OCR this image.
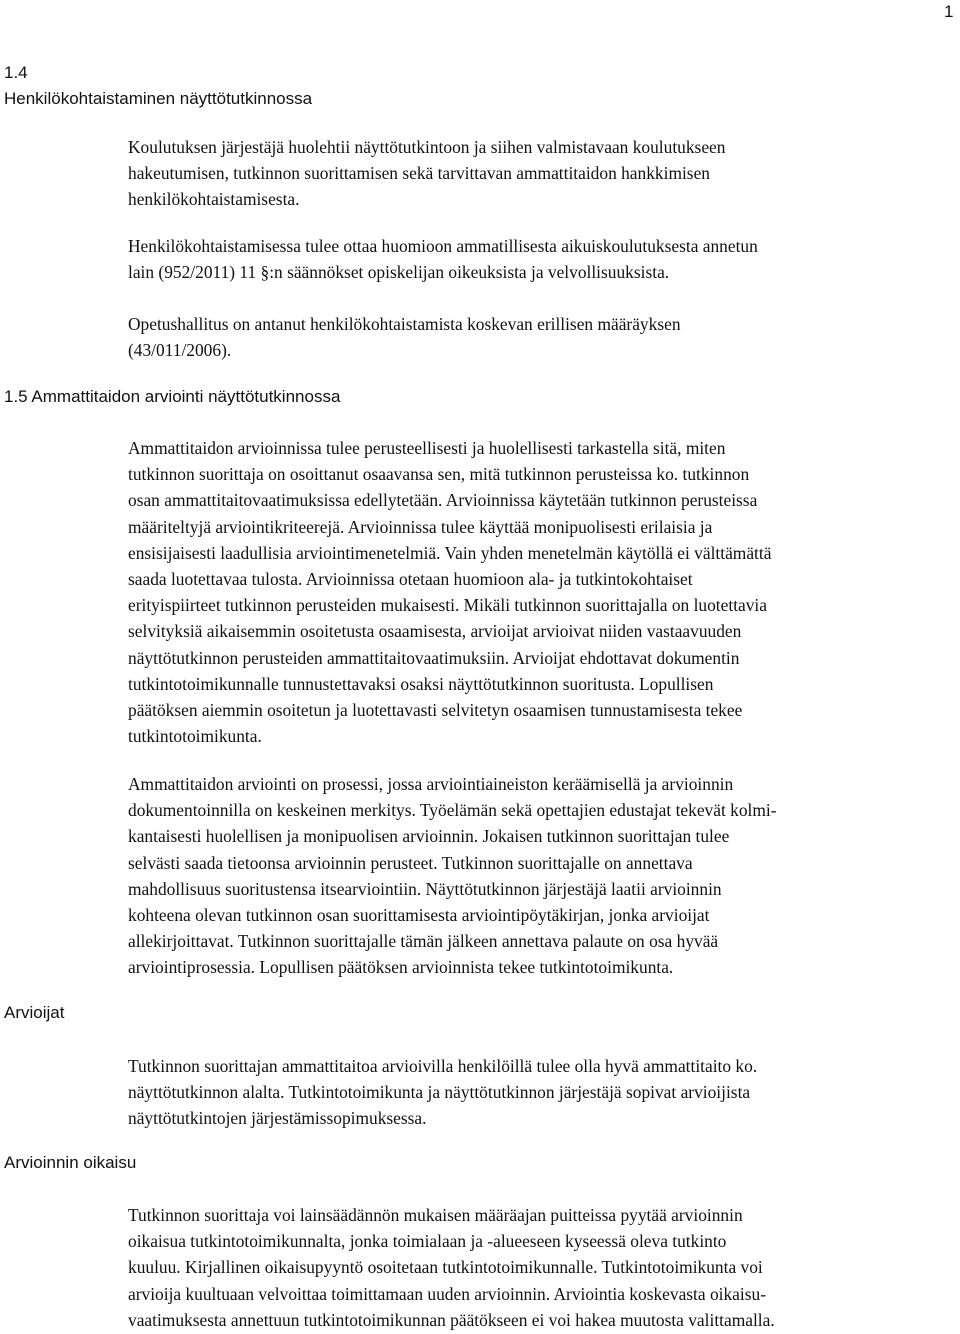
1
1.4
Henkilökohtaistaminen näyttötutkinnossa
Koulutuksen järjestäjä huolehtii näyttötutkintoon ja siihen valmistavaan koulutukseen
hakeutumisen, tutkinnon suorittamisen sekä tarvittavan ammattitaidon hankkimisen
henkilökohtaistamisesta.
Henkilökohtaistamisessa tulee ottaa huomioon ammatillisesta aikuiskoulutuksesta annetun
lain (952/2011) 11 §:n säännökset opiskelijan oikeuksista ja velvollisuuksista.
Opetushallitus on antanut henkilökohtaistamista koskevan erillisen määräyksen
(43/011/2006).
1.5 Ammattitaidon arviointi näyttötutkinnossa
Ammattitaidon arvioinnissa tulee perusteellisesti ja huolellisesti tarkastella sitä, miten
tutkinnon suorittaja on osoittanut osaavansa sen, mitä tutkinnon perusteissa ko. tutkinnon
osan ammattitaitovaatimuksissa edellytetään. Arvioinnissa käytetään tutkinnon perusteissa
määriteltyjä arviointikriteerejä. Arvioinnissa tulee käyttää monipuolisesti erilaisia ja
ensisijaisesti laadullisia arviointimenetelmiä. Vain yhden menetelmän käytöllä ei välttämättä
saada luotettavaa tulosta. Arvioinnissa otetaan huomioon ala- ja tutkintokohtaiset
erityispiirteet tutkinnon perusteiden mukaisesti. Mikäli tutkinnon suorittajalla on luotettavia
selvityksiä aikaisemmin osoitetusta osaamisesta, arvioijat arvioivat niiden vastaavuuden
näyttötutkinnon perusteiden ammattitaitovaatimuksiin. Arvioijat ehdottavat dokumentin
tutkintotoimikunnalle tunnustettavaksi osaksi näyttötutkinnon suoritusta. Lopullisen
päätöksen aiemmin osoitetun ja luotettavasti selvitetyn osaamisen tunnustamisesta tekee
tutkintotoimikunta.
Ammattitaidon arviointi on prosessi, jossa arviointiaineiston keräämisellä ja arvioinnin
dokumentoinnilla on keskeinen merkitys. Työelämän sekä opettajien edustajat tekevät kolmi-
kantaisesti huolellisen ja monipuolisen arvioinnin. Jokaisen tutkinnon suorittajan tulee
selvästi saada tietoonsa arvioinnin perusteet. Tutkinnon suorittajalle on annettava
mahdollisuus suoritustensa itsearviointiin. Näyttötutkinnon järjestäjä laatii arvioinnin
kohteena olevan tutkinnon osan suorittamisesta arviointipöytäkirjan, jonka arvioijat
allekirjoittavat. Tutkinnon suorittajalle tämän jälkeen annettava palaute on osa hyvää
arviointiprosessia. Lopullisen päätöksen arvioinnista tekee tutkintotoimikunta.
Arvioijat
Tutkinnon suorittajan ammattitaitoa arvioivilla henkilöillä tulee olla hyvä ammattitaito ko.
näyttötutkinnon alalta. Tutkintotoimikunta ja näyttötutkinnon järjestäjä sopivat arvioijista
näyttötutkintojen järjestämissopimuksessa.
Arvioinnin oikaisu
Tutkinnon suorittaja voi lainsäädännön mukaisen määräajan puitteissa pyytää arvioinnin
oikaisua tutkintotoimikunnalta, jonka toimialaan ja -alueeseen kyseessä oleva tutkinto
kuuluu. Kirjallinen oikaisupyyntö osoitetaan tutkintotoimikunnalle. Tutkintotoimikunta voi
arvioija kuultuaan velvoittaa toimittamaan uuden arvioinnin. Arviointia koskevasta oikaisu-
vaatimuksesta annettuun tutkintotoimikunnan päätökseen ei voi hakea muutosta valittamalla.
